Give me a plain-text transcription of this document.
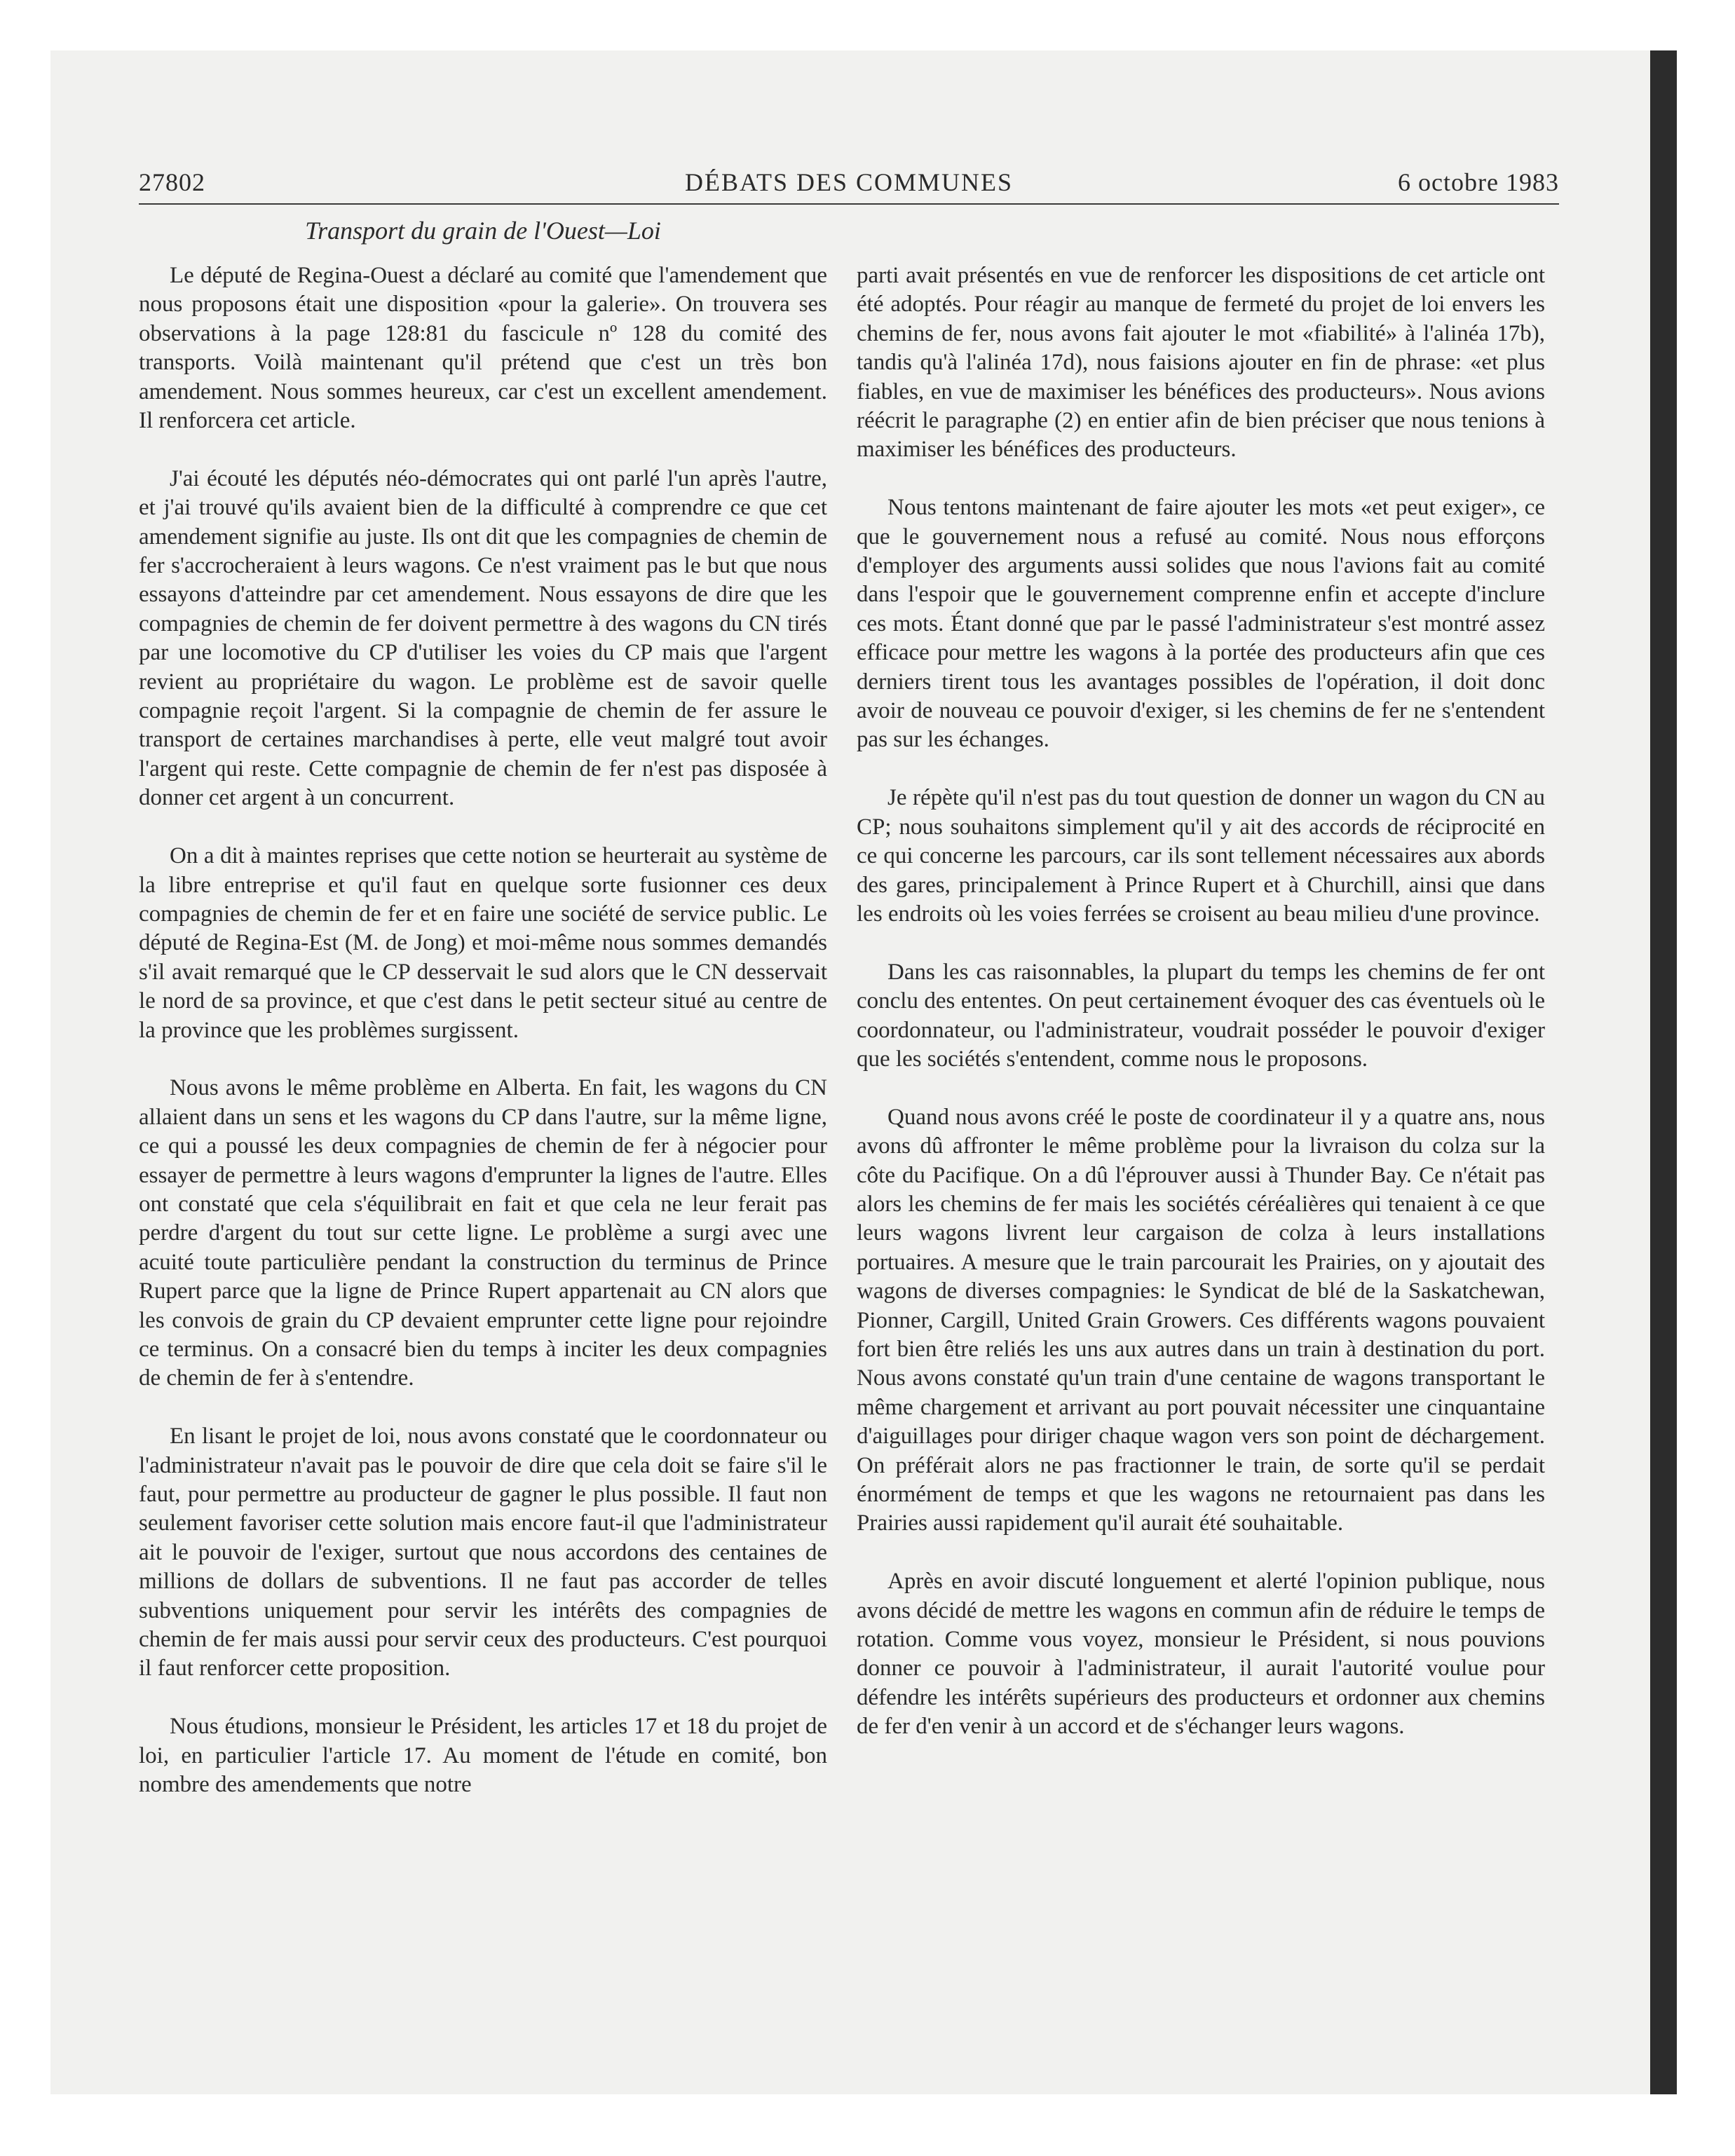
27802	DÉBATS DES COMMUNES	6 octobre 1983
Transport du grain de l'Ouest—Loi

Le député de Regina-Ouest a déclaré au comité que l'amendement que nous proposons était une disposition «pour la galerie». On trouvera ses observations à la page 128:81 du fascicule nº 128 du comité des transports. Voilà maintenant qu'il prétend que c'est un très bon amendement. Nous sommes heureux, car c'est un excellent amendement. Il renforcera cet article.

J'ai écouté les députés néo-démocrates qui ont parlé l'un après l'autre, et j'ai trouvé qu'ils avaient bien de la difficulté à comprendre ce que cet amendement signifie au juste. Ils ont dit que les compagnies de chemin de fer s'accrocheraient à leurs wagons. Ce n'est vraiment pas le but que nous essayons d'atteindre par cet amendement. Nous essayons de dire que les compagnies de chemin de fer doivent permettre à des wagons du CN tirés par une locomotive du CP d'utiliser les voies du CP mais que l'argent revient au propriétaire du wagon. Le problème est de savoir quelle compagnie reçoit l'argent. Si la compagnie de chemin de fer assure le transport de certaines marchandises à perte, elle veut malgré tout avoir l'argent qui reste. Cette compagnie de chemin de fer n'est pas disposée à donner cet argent à un concurrent.

On a dit à maintes reprises que cette notion se heurterait au système de la libre entreprise et qu'il faut en quelque sorte fusionner ces deux compagnies de chemin de fer et en faire une société de service public. Le député de Regina-Est (M. de Jong) et moi-même nous sommes demandés s'il avait remarqué que le CP desservait le sud alors que le CN desservait le nord de sa province, et que c'est dans le petit secteur situé au centre de la province que les problèmes surgissent.

Nous avons le même problème en Alberta. En fait, les wagons du CN allaient dans un sens et les wagons du CP dans l'autre, sur la même ligne, ce qui a poussé les deux compagnies de chemin de fer à négocier pour essayer de permettre à leurs wagons d'emprunter la lignes de l'autre. Elles ont constaté que cela s'équilibrait en fait et que cela ne leur ferait pas perdre d'argent du tout sur cette ligne. Le problème a surgi avec une acuité toute particulière pendant la construction du terminus de Prince Rupert parce que la ligne de Prince Rupert appartenait au CN alors que les convois de grain du CP devaient emprunter cette ligne pour rejoindre ce terminus. On a consacré bien du temps à inciter les deux compagnies de chemin de fer à s'entendre.

En lisant le projet de loi, nous avons constaté que le coordonnateur ou l'administrateur n'avait pas le pouvoir de dire que cela doit se faire s'il le faut, pour permettre au producteur de gagner le plus possible. Il faut non seulement favoriser cette solution mais encore faut-il que l'administrateur ait le pouvoir de l'exiger, surtout que nous accordons des centaines de millions de dollars de subventions. Il ne faut pas accorder de telles subventions uniquement pour servir les intérêts des compagnies de chemin de fer mais aussi pour servir ceux des producteurs. C'est pourquoi il faut renforcer cette proposition.

Nous étudions, monsieur le Président, les articles 17 et 18 du projet de loi, en particulier l'article 17. Au moment de l'étude en comité, bon nombre des amendements que notre

parti avait présentés en vue de renforcer les dispositions de cet article ont été adoptés. Pour réagir au manque de fermeté du projet de loi envers les chemins de fer, nous avons fait ajouter le mot «fiabilité» à l'alinéa 17b), tandis qu'à l'alinéa 17d), nous faisions ajouter en fin de phrase: «et plus fiables, en vue de maximiser les bénéfices des producteurs». Nous avions réécrit le paragraphe (2) en entier afin de bien préciser que nous tenions à maximiser les bénéfices des producteurs.

Nous tentons maintenant de faire ajouter les mots «et peut exiger», ce que le gouvernement nous a refusé au comité. Nous nous efforçons d'employer des arguments aussi solides que nous l'avions fait au comité dans l'espoir que le gouvernement comprenne enfin et accepte d'inclure ces mots. Étant donné que par le passé l'administrateur s'est montré assez efficace pour mettre les wagons à la portée des producteurs afin que ces derniers tirent tous les avantages possibles de l'opération, il doit donc avoir de nouveau ce pouvoir d'exiger, si les chemins de fer ne s'entendent pas sur les échanges.

Je répète qu'il n'est pas du tout question de donner un wagon du CN au CP; nous souhaitons simplement qu'il y ait des accords de réciprocité en ce qui concerne les parcours, car ils sont tellement nécessaires aux abords des gares, principalement à Prince Rupert et à Churchill, ainsi que dans les endroits où les voies ferrées se croisent au beau milieu d'une province.

Dans les cas raisonnables, la plupart du temps les chemins de fer ont conclu des ententes. On peut certainement évoquer des cas éventuels où le coordonnateur, ou l'administrateur, voudrait posséder le pouvoir d'exiger que les sociétés s'entendent, comme nous le proposons.

Quand nous avons créé le poste de coordinateur il y a quatre ans, nous avons dû affronter le même problème pour la livraison du colza sur la côte du Pacifique. On a dû l'éprouver aussi à Thunder Bay. Ce n'était pas alors les chemins de fer mais les sociétés céréalières qui tenaient à ce que leurs wagons livrent leur cargaison de colza à leurs installations portuaires. A mesure que le train parcourait les Prairies, on y ajoutait des wagons de diverses compagnies: le Syndicat de blé de la Saskatchewan, Pionner, Cargill, United Grain Growers. Ces différents wagons pouvaient fort bien être reliés les uns aux autres dans un train à destination du port. Nous avons constaté qu'un train d'une centaine de wagons transportant le même chargement et arrivant au port pouvait nécessiter une cinquantaine d'aiguillages pour diriger chaque wagon vers son point de déchargement. On préférait alors ne pas fractionner le train, de sorte qu'il se perdait énormément de temps et que les wagons ne retournaient pas dans les Prairies aussi rapidement qu'il aurait été souhaitable.

Après en avoir discuté longuement et alerté l'opinion publique, nous avons décidé de mettre les wagons en commun afin de réduire le temps de rotation. Comme vous voyez, monsieur le Président, si nous pouvions donner ce pouvoir à l'administrateur, il aurait l'autorité voulue pour défendre les intérêts supérieurs des producteurs et ordonner aux chemins de fer d'en venir à un accord et de s'échanger leurs wagons.
